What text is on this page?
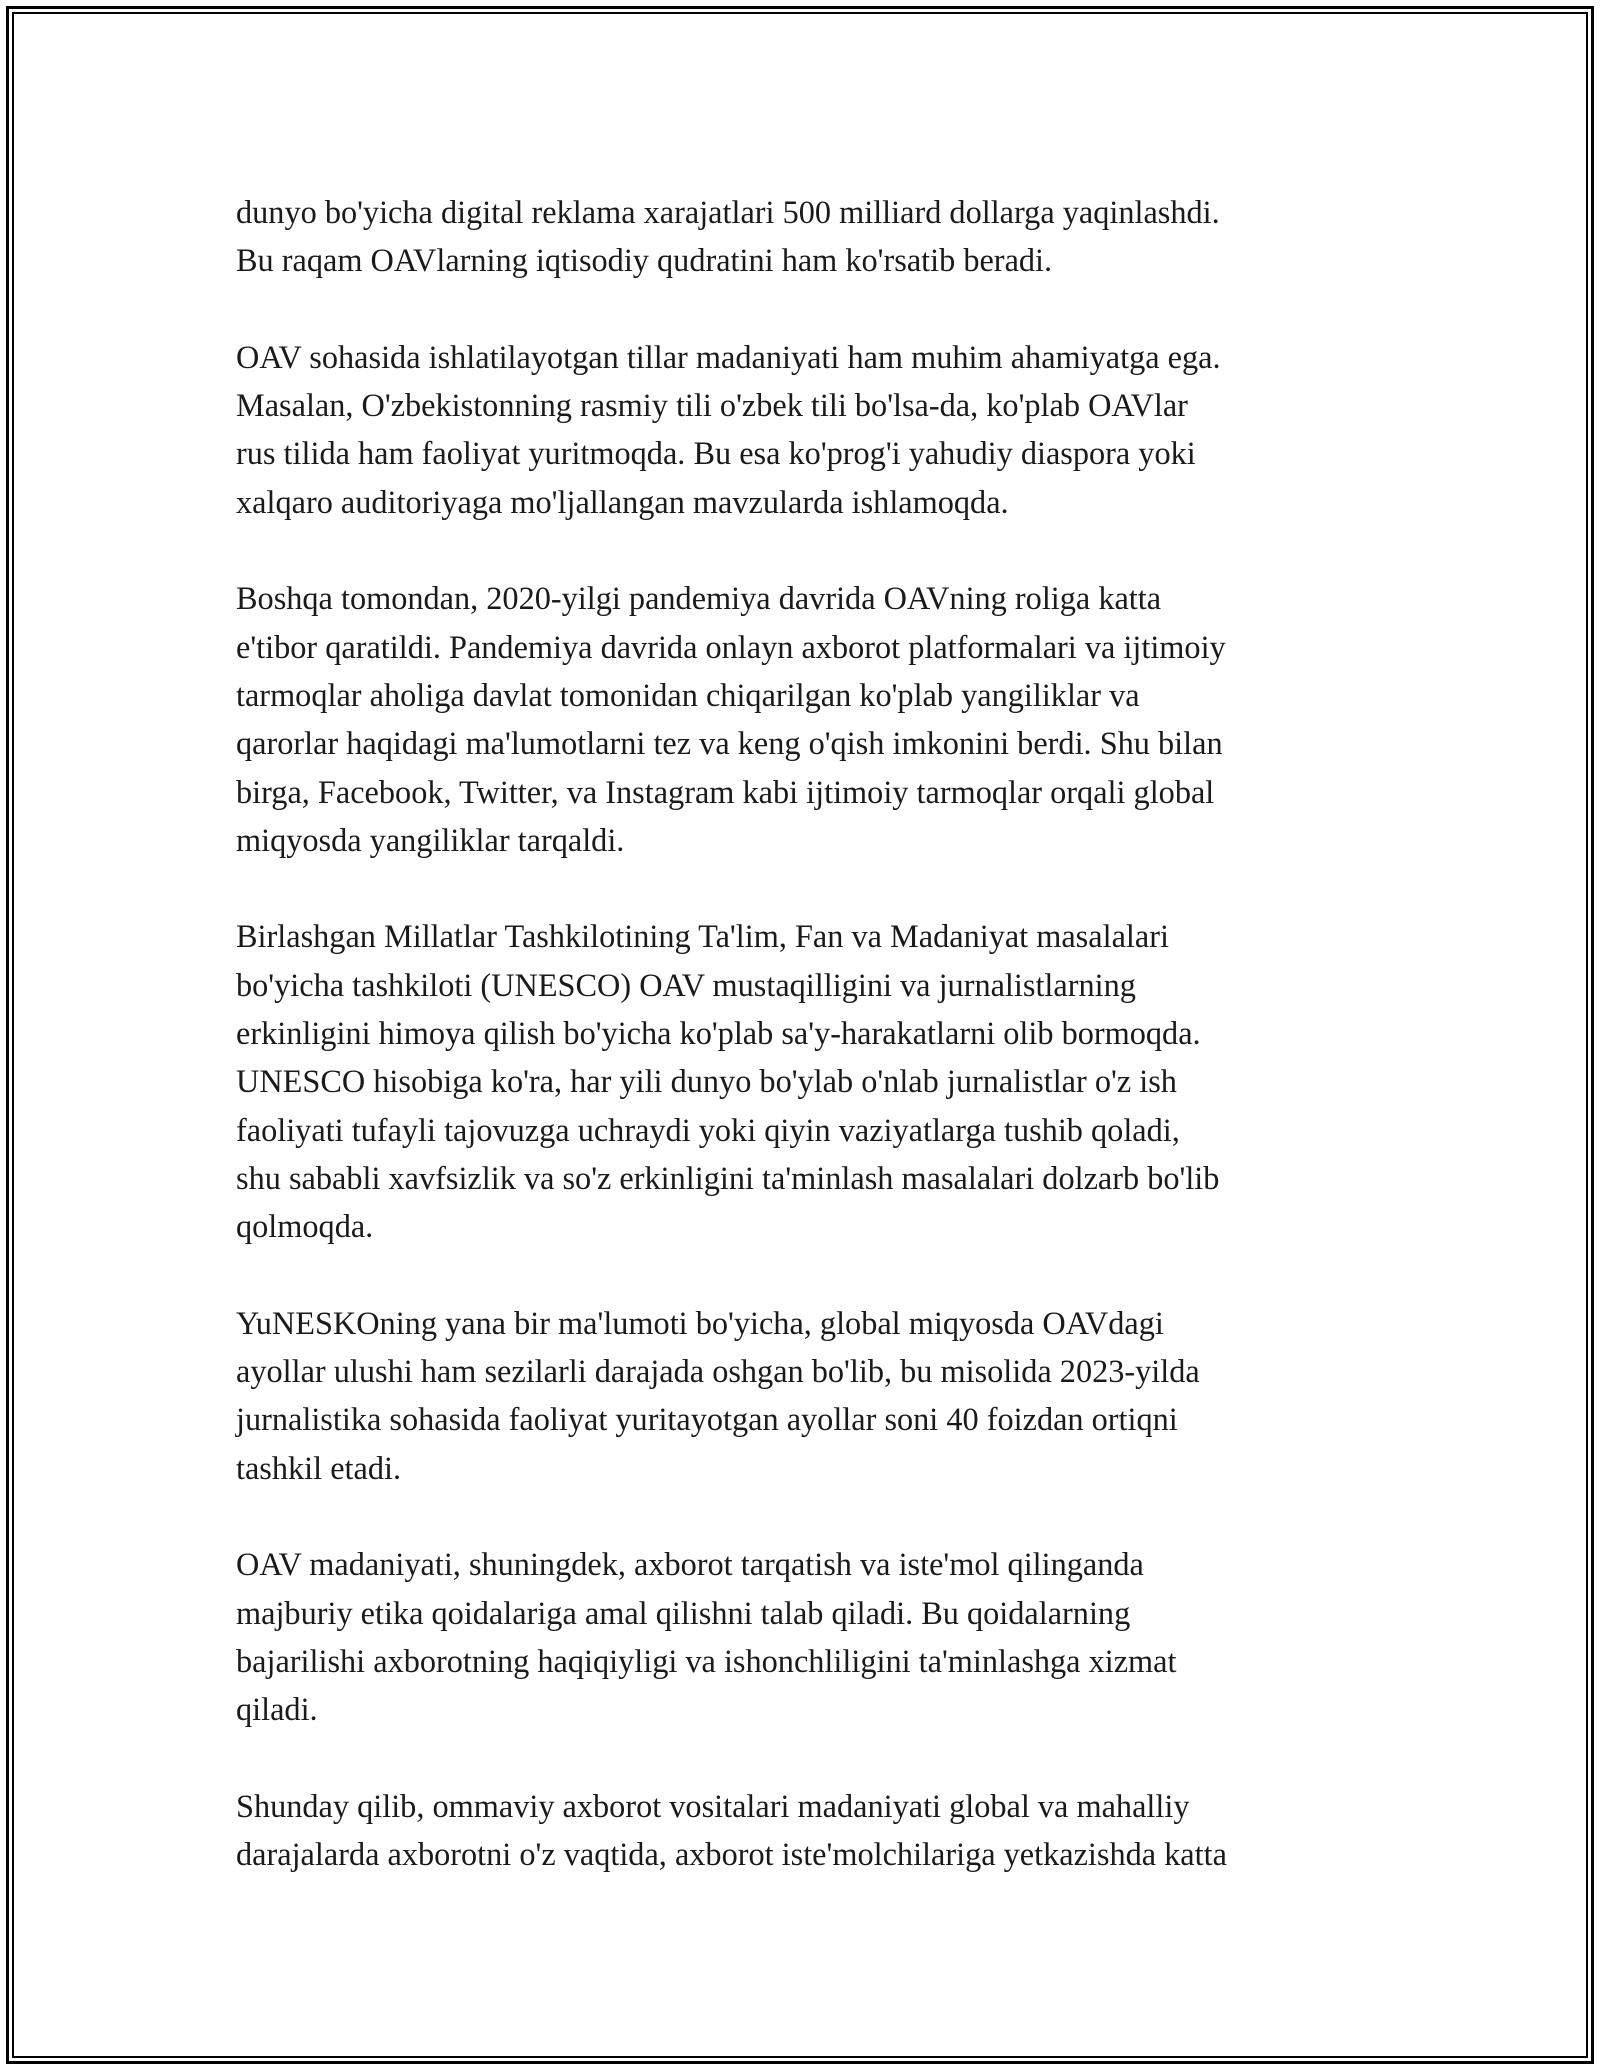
dunyo bo'yicha digital reklama xarajatlari 500 milliard dollarga yaqinlashdi.
Bu raqam OAVlarning iqtisodiy qudratini ham ko'rsatib beradi.

OAV sohasida ishlatilayotgan tillar madaniyati ham muhim ahamiyatga ega.
Masalan, O'zbekistonning rasmiy tili o'zbek tili bo'lsa-da, ko'plab OAVlar
rus tilida ham faoliyat yuritmoqda. Bu esa ko'prog'i yahudiy diaspora yoki
xalqaro auditoriyaga mo'ljallangan mavzularda ishlamoqda.

Boshqa tomondan, 2020-yilgi pandemiya davrida OAVning roliga katta
e'tibor qaratildi. Pandemiya davrida onlayn axborot platformalari va ijtimoiy
tarmoqlar aholiga davlat tomonidan chiqarilgan ko'plab yangiliklar va
qarorlar haqidagi ma'lumotlarni tez va keng o'qish imkonini berdi. Shu bilan
birga, Facebook, Twitter, va Instagram kabi ijtimoiy tarmoqlar orqali global
miqyosda yangiliklar tarqaldi.

Birlashgan Millatlar Tashkilotining Ta'lim, Fan va Madaniyat masalalari
bo'yicha tashkiloti (UNESCO) OAV mustaqilligini va jurnalistlarning
erkinligini himoya qilish bo'yicha ko'plab sa'y-harakatlarni olib bormoqda.
UNESCO hisobiga ko'ra, har yili dunyo bo'ylab o'nlab jurnalistlar o'z ish
faoliyati tufayli tajovuzga uchraydi yoki qiyin vaziyatlarga tushib qoladi,
shu sababli xavfsizlik va so'z erkinligini ta'minlash masalalari dolzarb bo'lib
qolmoqda.

YuNESKOning yana bir ma'lumoti bo'yicha, global miqyosda OAVdagi
ayollar ulushi ham sezilarli darajada oshgan bo'lib, bu misolida 2023-yilda
jurnalistika sohasida faoliyat yuritayotgan ayollar soni 40 foizdan ortiqni
tashkil etadi.

OAV madaniyati, shuningdek, axborot tarqatish va iste'mol qilinganda
majburiy etika qoidalariga amal qilishni talab qiladi. Bu qoidalarning
bajarilishi axborotning haqiqiyligi va ishonchliligini ta'minlashga xizmat
qiladi.

Shunday qilib, ommaviy axborot vositalari madaniyati global va mahalliy
darajalarda axborotni o'z vaqtida, axborot iste'molchilariga yetkazishda katta
